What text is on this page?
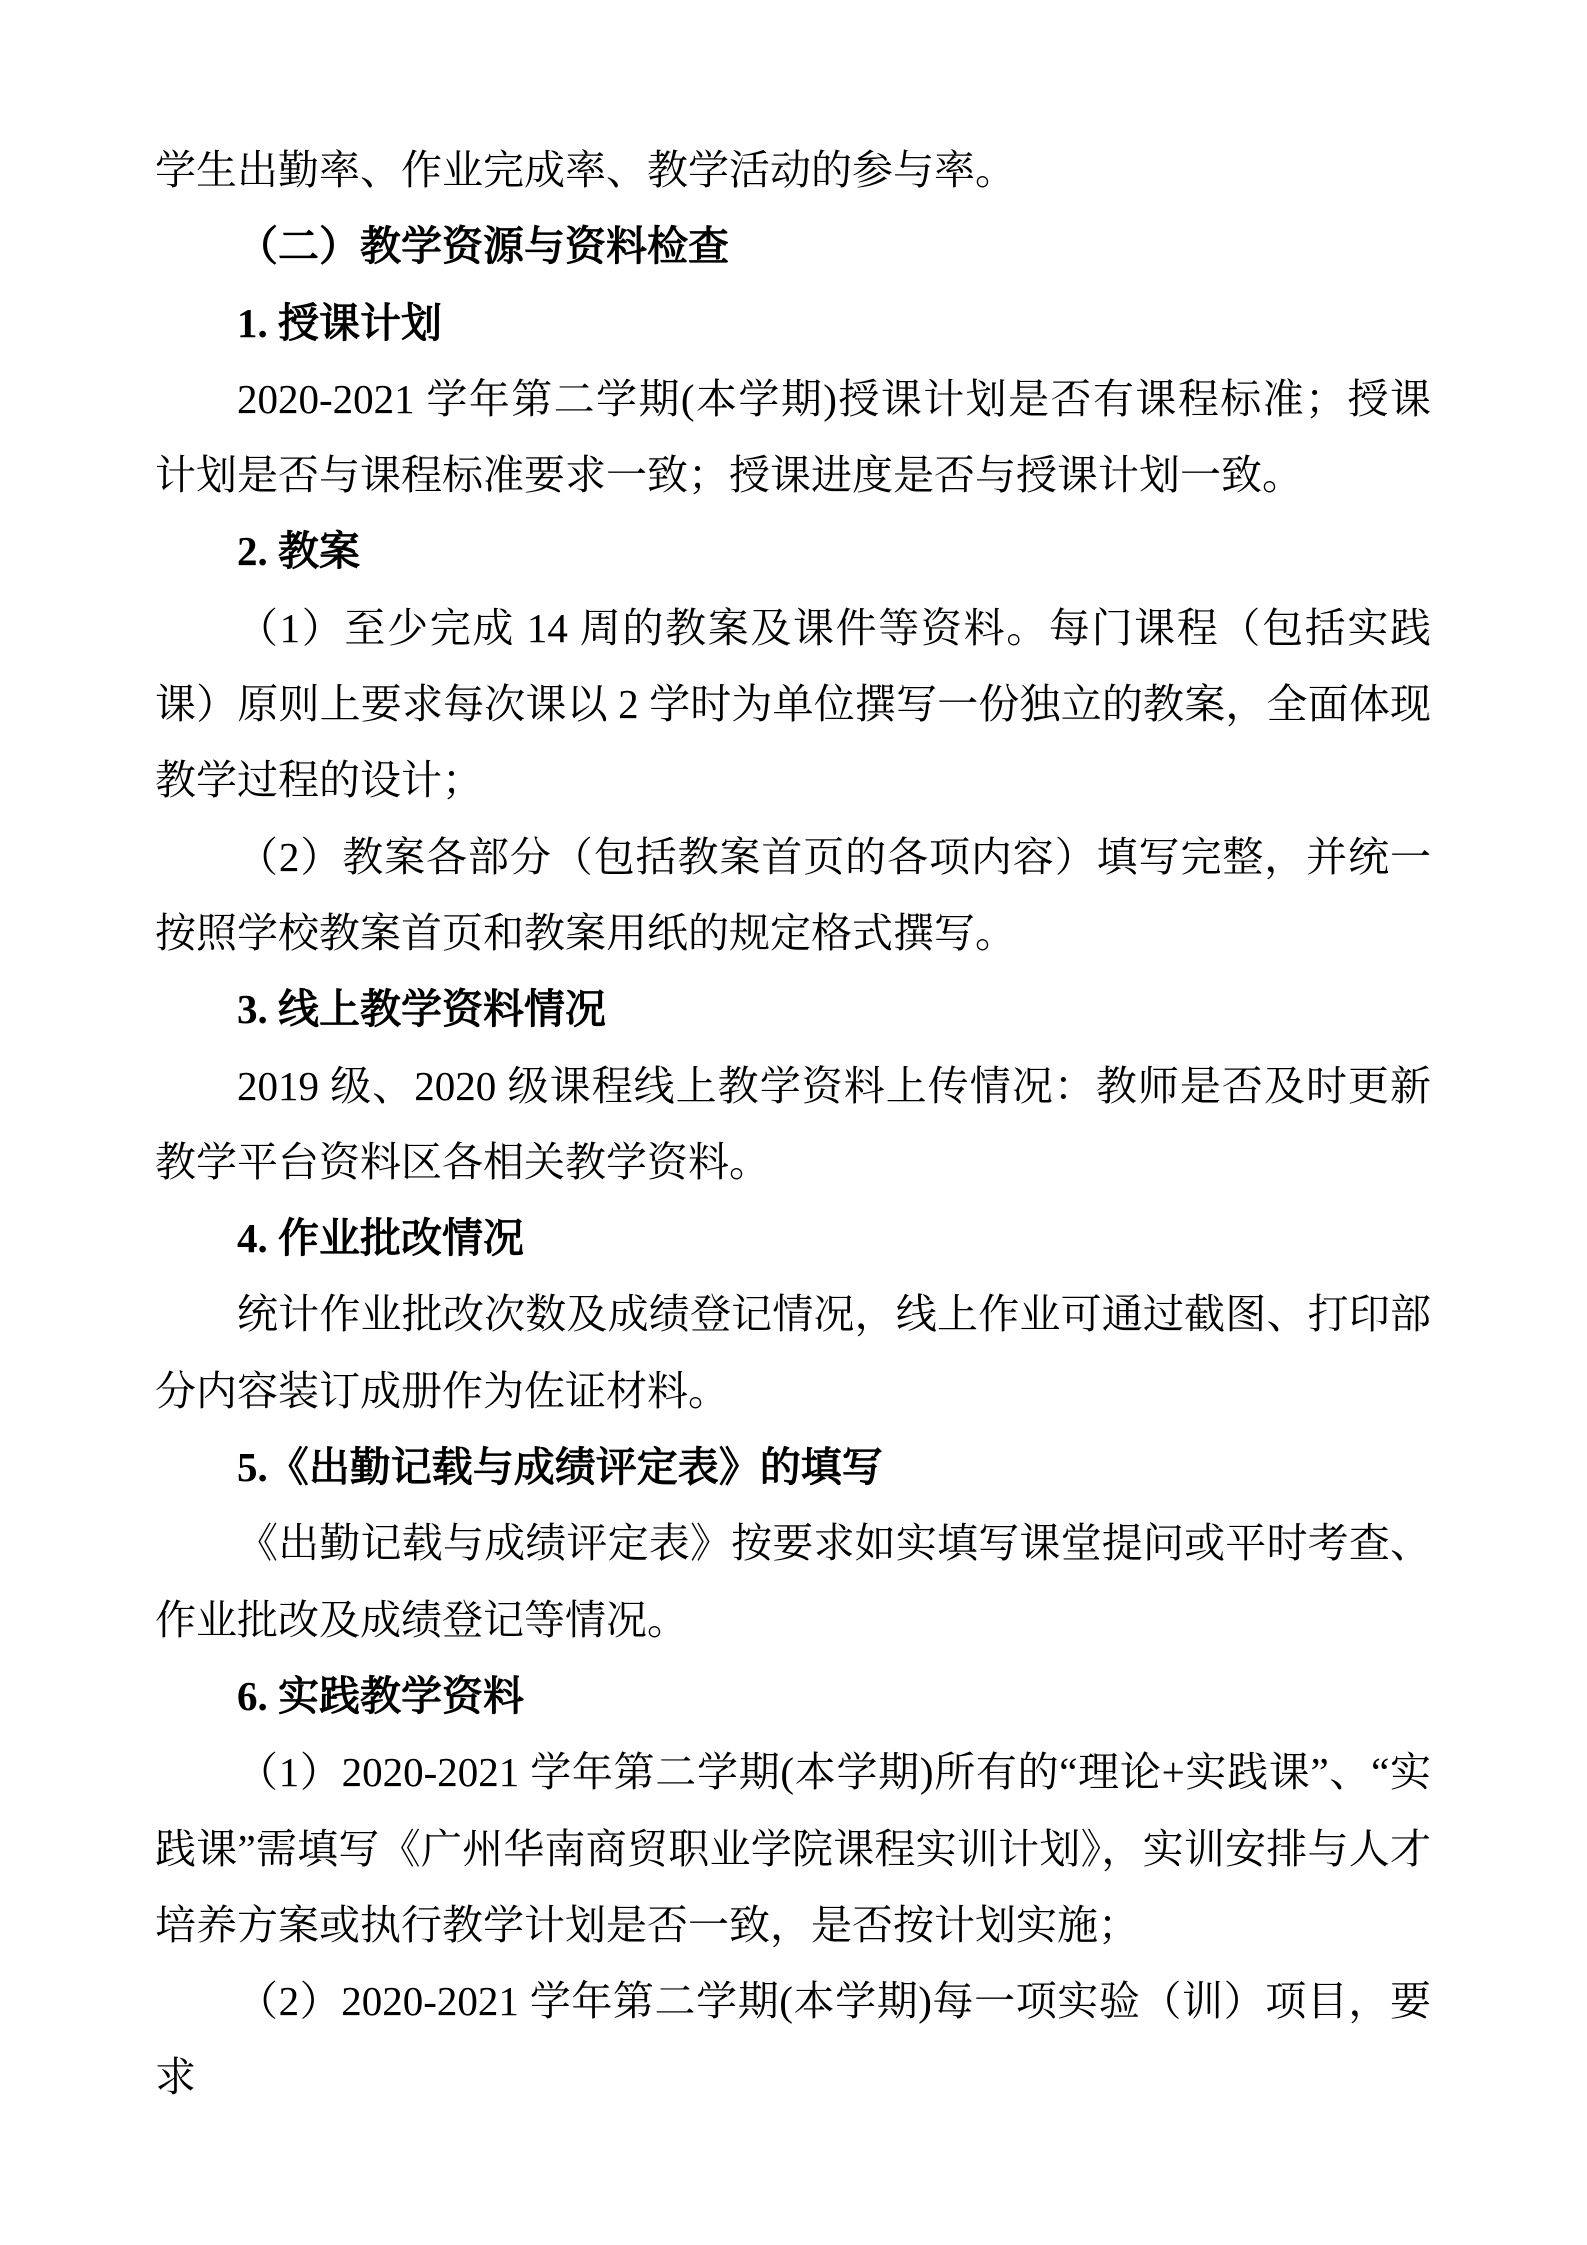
学生出勤率、作业完成率、教学活动的参与率。

（二）教学资源与资料检查

1. 授课计划

2020-2021 学年第二学期(本学期)授课计划是否有课程标准；授课计划是否与课程标准要求一致；授课进度是否与授课计划一致。

2. 教案

（1）至少完成 14 周的教案及课件等资料。每门课程（包括实践课）原则上要求每次课以 2 学时为单位撰写一份独立的教案，全面体现教学过程的设计；

（2）教案各部分（包括教案首页的各项内容）填写完整，并统一按照学校教案首页和教案用纸的规定格式撰写。

3. 线上教学资料情况

2019 级、2020 级课程线上教学资料上传情况：教师是否及时更新教学平台资料区各相关教学资料。

4. 作业批改情况

统计作业批改次数及成绩登记情况，线上作业可通过截图、打印部分内容装订成册作为佐证材料。

5.《出勤记载与成绩评定表》的填写

《出勤记载与成绩评定表》按要求如实填写课堂提问或平时考查、作业批改及成绩登记等情况。

6. 实践教学资料

（1）2020-2021 学年第二学期(本学期)所有的“理论+实践课”、“实践课”需填写《广州华南商贸职业学院课程实训计划》，实训安排与人才培养方案或执行教学计划是否一致，是否按计划实施；

（2）2020-2021 学年第二学期(本学期)每一项实验（训）项目，要求
